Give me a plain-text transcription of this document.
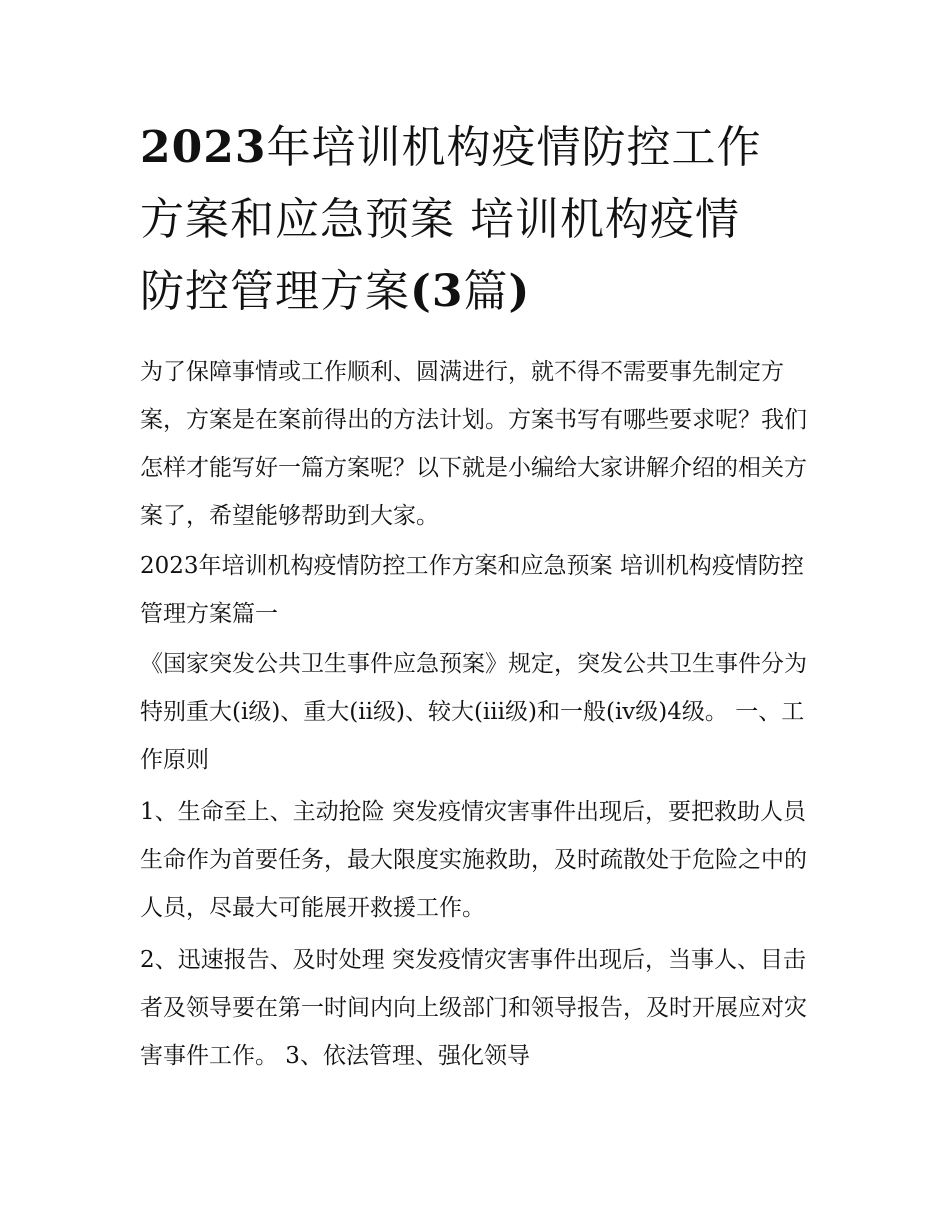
2023年培训机构疫情防控工作
方案和应急预案 培训机构疫情
防控管理方案(3篇)

为了保障事情或工作顺利、圆满进行，就不得不需要事先制定方案，方案是在案前得出的方法计划。方案书写有哪些要求呢？我们怎样才能写好一篇方案呢？以下就是小编给大家讲解介绍的相关方案了，希望能够帮助到大家。

2023年培训机构疫情防控工作方案和应急预案 培训机构疫情防控管理方案篇一

《国家突发公共卫生事件应急预案》规定，突发公共卫生事件分为特别重大(i级)、重大(ii级)、较大(iii级)和一般(iv级)4级。 一、工作原则

1、生命至上、主动抢险 突发疫情灾害事件出现后，要把救助人员生命作为首要任务，最大限度实施救助，及时疏散处于危险之中的人员，尽最大可能展开救援工作。

2、迅速报告、及时处理 突发疫情灾害事件出现后，当事人、目击者及领导要在第一时间内向上级部门和领导报告，及时开展应对灾害事件工作。 3、依法管理、强化领导
